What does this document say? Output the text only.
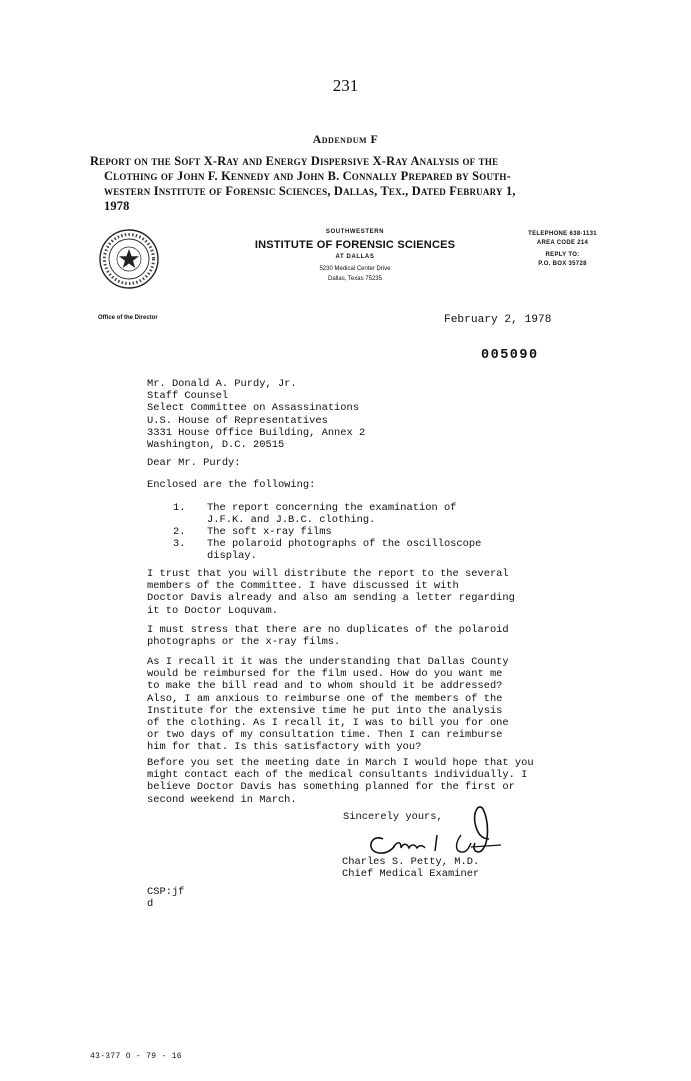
231
Addendum F
Report on the Soft X-Ray and Energy Dispersive X-Ray Analysis of the
Clothing of John F. Kennedy and John B. Connally Prepared by South-
western Institute of Forensic Sciences, Dallas, Tex., Dated February 1,
1978
SOUTHWESTERN
INSTITUTE OF FORENSIC SCIENCES
AT DALLAS
5230 Medical Center Drive
Dallas, Texas 75235
TELEPHONE 638-1131
AREA CODE 214
REPLY TO:
P.O. BOX 35728
Office of the Director	February 2, 1978
005090
Mr. Donald A. Purdy, Jr.
Staff Counsel
Select Committee on Assassinations
U.S. House of Representatives
3331 House Office Building, Annex 2
Washington, D.C. 20515
Dear Mr. Purdy:
Enclosed are the following:
1. The report concerning the examination of
J.F.K. and J.B.C. clothing.
2. The soft x-ray films
3. The polaroid photographs of the oscilloscope
display.
I trust that you will distribute the report to the several
members of the Committee. I have discussed it with
Doctor Davis already and also am sending a letter regarding
it to Doctor Loquvam.
I must stress that there are no duplicates of the polaroid
photographs or the x-ray films.
As I recall it it was the understanding that Dallas County
would be reimbursed for the film used. How do you want me
to make the bill read and to whom should it be addressed?
Also, I am anxious to reimburse one of the members of the
Institute for the extensive time he put into the analysis
of the clothing. As I recall it, I was to bill you for one
or two days of my consultation time. Then I can reimburse
him for that. Is this satisfactory with you?
Before you set the meeting date in March I would hope that you
might contact each of the medical consultants individually. I
believe Doctor Davis has something planned for the first or
second weekend in March.
Sincerely yours,
Charles S. Petty, M.D.
Chief Medical Examiner
CSP:jf
d
43-377 O - 79 - 16
